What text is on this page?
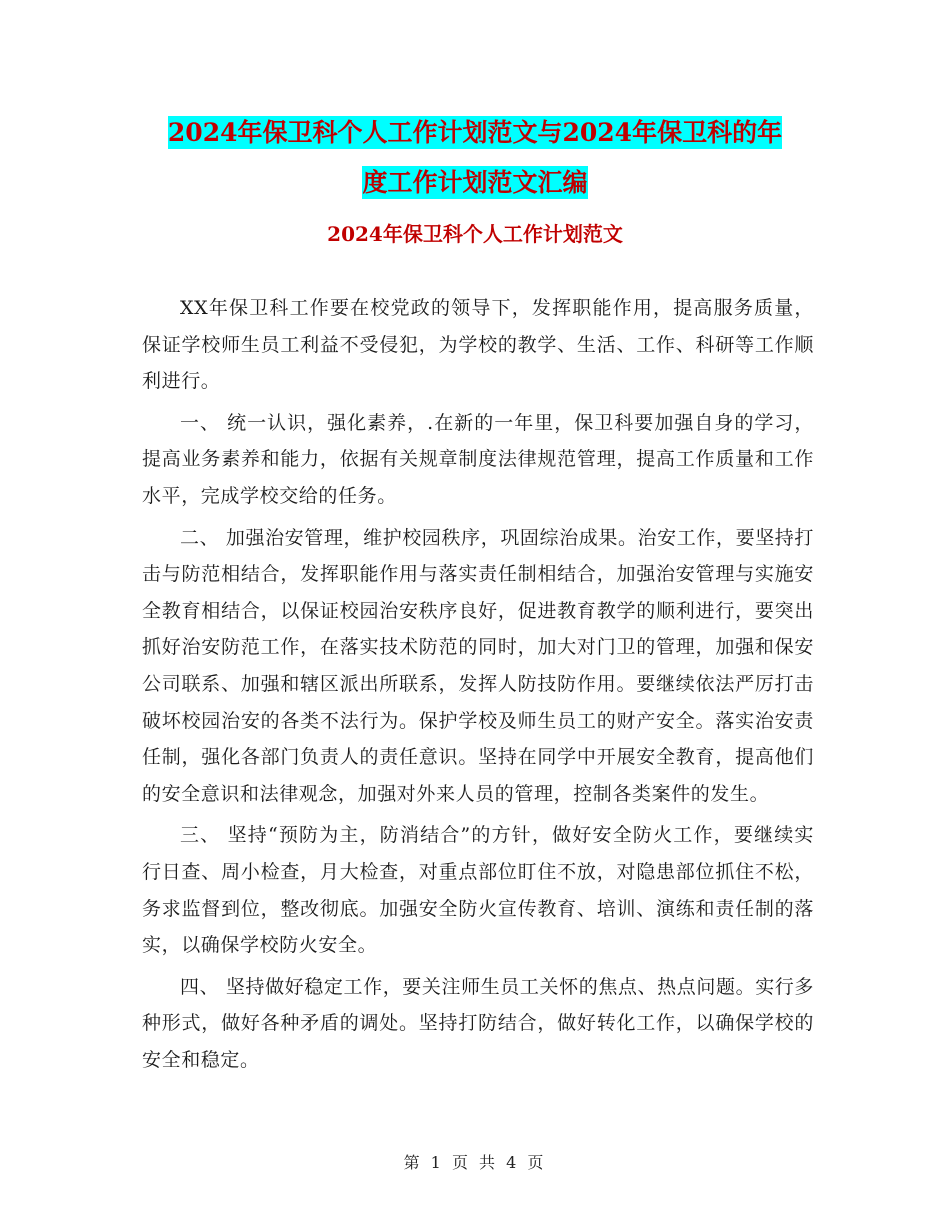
2024年保卫科个人工作计划范文与2024年保卫科的年
度工作计划范文汇编
2024年保卫科个人工作计划范文

XX年保卫科工作要在校党政的领导下，发挥职能作用，提高服务质量，保证学校师生员工利益不受侵犯，为学校的教学、生活、工作、科研等工作顺利进行。

一、 统一认识，强化素养，.在新的一年里，保卫科要加强自身的学习，提高业务素养和能力，依据有关规章制度法律规范管理，提高工作质量和工作水平，完成学校交给的任务。

二、 加强治安管理，维护校园秩序，巩固综治成果。治安工作，要坚持打击与防范相结合，发挥职能作用与落实责任制相结合，加强治安管理与实施安全教育相结合，以保证校园治安秩序良好，促进教育教学的顺利进行，要突出抓好治安防范工作，在落实技术防范的同时，加大对门卫的管理，加强和保安公司联系、加强和辖区派出所联系，发挥人防技防作用。要继续依法严厉打击破坏校园治安的各类不法行为。保护学校及师生员工的财产安全。落实治安责任制，强化各部门负责人的责任意识。坚持在同学中开展安全教育，提高他们的安全意识和法律观念，加强对外来人员的管理，控制各类案件的发生。

三、 坚持“预防为主，防消结合”的方针，做好安全防火工作，要继续实行日查、周小检查，月大检查，对重点部位盯住不放，对隐患部位抓住不松，务求监督到位，整改彻底。加强安全防火宣传教育、培训、演练和责任制的落实，以确保学校防火安全。

四、 坚持做好稳定工作，要关注师生员工关怀的焦点、热点问题。实行多种形式，做好各种矛盾的调处。坚持打防结合，做好转化工作，以确保学校的安全和稳定。

第 1 页 共 4 页
